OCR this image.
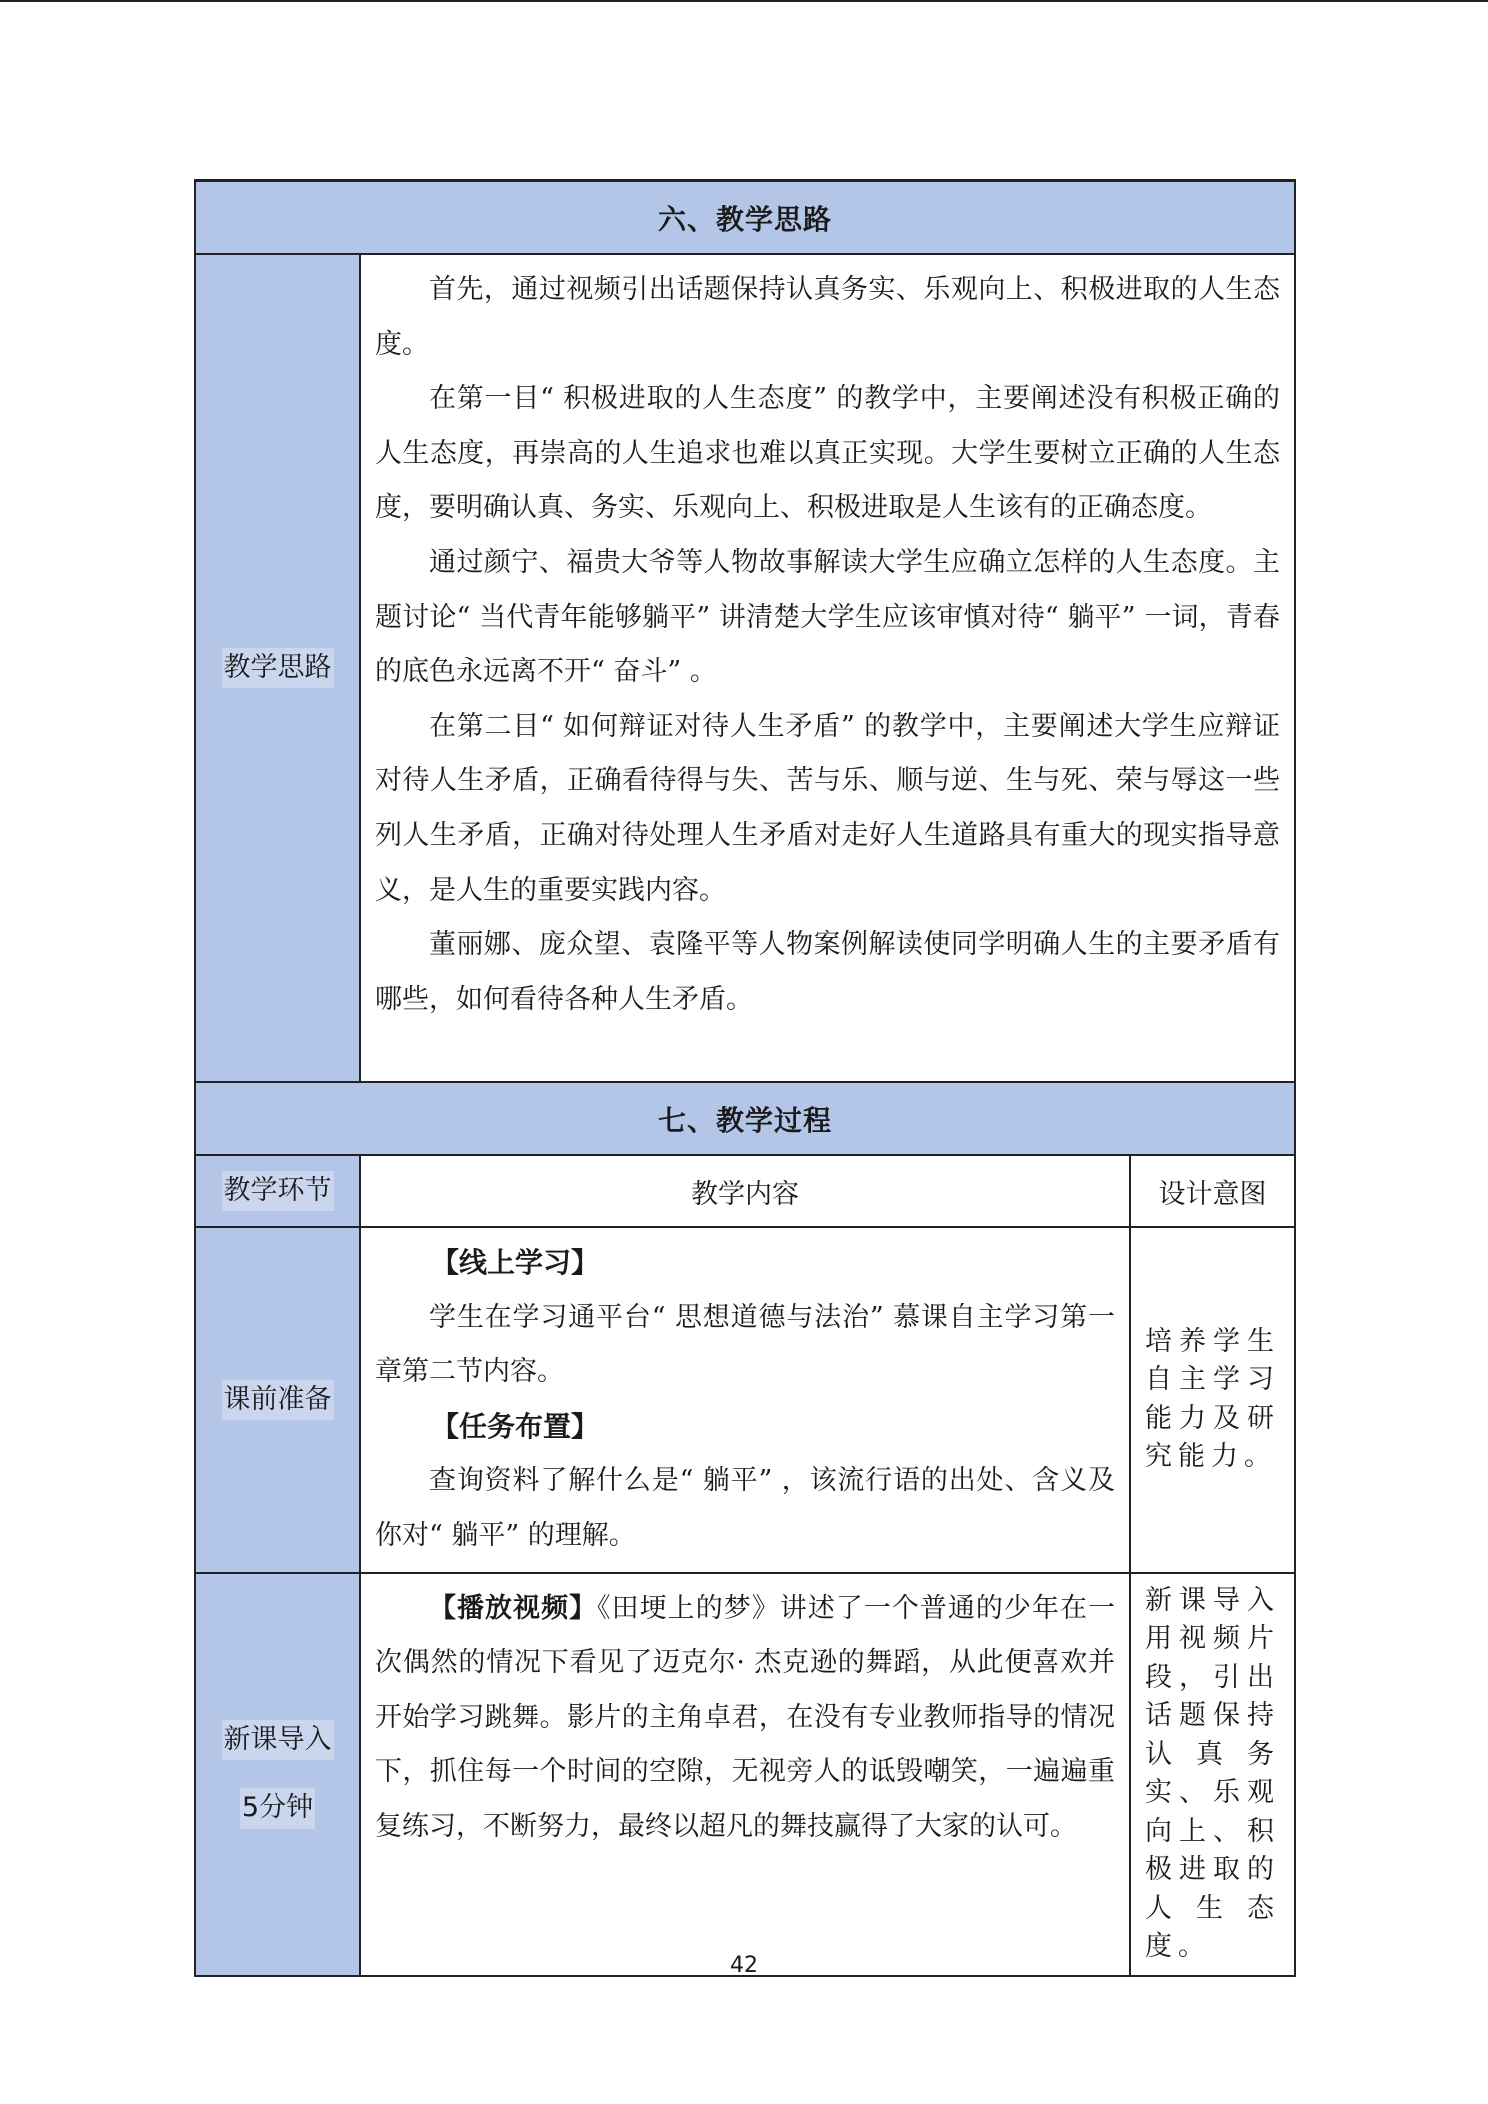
六、教学思路		
教学思路	首先，通过视频引出话题保持认真务实、乐观向上、积极进取的人生态度。

在第一目“ 积极进取的人生态度” 的教学中，主要阐述没有积极正确的人生态度，再崇高的人生追求也难以真正实现。大学生要树立正确的人生态度，要明确认真、务实、乐观向上、积极进取是人生该有的正确态度。

通过颜宁、福贵大爷等人物故事解读大学生应确立怎样的人生态度。主题讨论“ 当代青年能够躺平” 讲清楚大学生应该审慎对待“ 躺平” 一词，青春的底色永远离不开“ 奋斗” 。

在第二目“ 如何辩证对待人生矛盾” 的教学中，主要阐述大学生应辩证对待人生矛盾，正确看待得与失、苦与乐、顺与逆、生与死、荣与辱这一些列人生矛盾，正确对待处理人生矛盾对走好人生道路具有重大的现实指导意义，是人生的重要实践内容。

董丽娜、庞众望、袁隆平等人物案例解读使同学明确人生的主要矛盾有哪些，如何看待各种人生矛盾。	

七、教学过程		
教学环节	教学内容	设计意图
课前准备	【线上学习】

学生在学习通平台“ 思想道德与法治” 慕课自主学习第一章第二节内容。

【任务布置】

查询资料了解什么是“ 躺平” ，该流行语的出处、含义及你对“ 躺平” 的理解。	培养学生自主学习能力及研究能力。
新课导入
5分钟	【播放视频】《田埂上的梦》讲述了一个普通的少年在一次偶然的情况下看见了迈克尔· 杰克逊的舞蹈，从此便喜欢并开始学习跳舞。影片的主角卓君，在没有专业教师指导的情况下，抓住每一个时间的空隙，无视旁人的诋毁嘲笑，一遍遍重复练习，不断努力，最终以超凡的舞技赢得了大家的认可。	新课导入用视频片段，引出话题保持认真务实、乐观向上、积极进取的人生态度。
42
